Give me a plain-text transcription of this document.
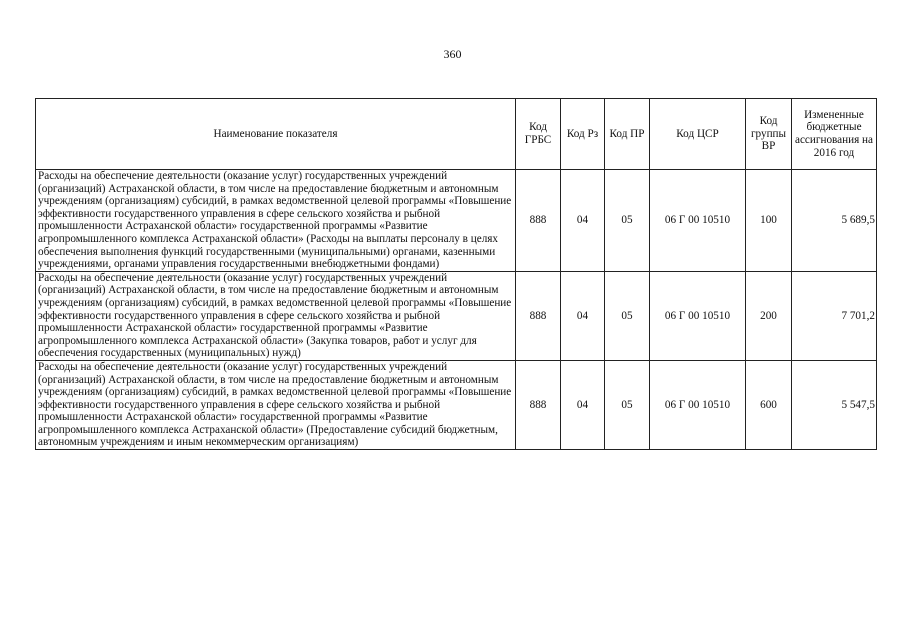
360
Наименование показателя	Код ГРБС	Код Рз	Код ПР	Код ЦСР	Код группы ВР	Измененные бюджетные ассигнования на 2016 год
Расходы на обеспечение деятельности (оказание услуг) государственных учреждений (организаций) Астраханской области, в том числе на предоставление бюджетным и автономным учреждениям (организациям) субсидий, в рамках ведомственной целевой программы «Повышение эффективности государственного управления в сфере сельского хозяйства и рыбной промышленности Астраханской области» государственной программы «Развитие агропромышленного комплекса Астраханской области» (Расходы на выплаты персоналу в целях обеспечения выполнения функций государственными (муниципальными) органами, казенными учреждениями, органами управления государственными внебюджетными фондами)	888	04	05	06 Г 00 10510	100	5 689,5
Расходы на обеспечение деятельности (оказание услуг) государственных учреждений (организаций) Астраханской области, в том числе на предоставление бюджетным и автономным учреждениям (организациям) субсидий, в рамках ведомственной целевой программы «Повышение эффективности государственного управления в сфере сельского хозяйства и рыбной промышленности Астраханской области» государственной программы «Развитие агропромышленного комплекса Астраханской области» (Закупка товаров, работ и услуг для обеспечения государственных (муниципальных) нужд)	888	04	05	06 Г 00 10510	200	7 701,2
Расходы на обеспечение деятельности (оказание услуг) государственных учреждений (организаций) Астраханской области, в том числе на предоставление бюджетным и автономным учреждениям (организациям) субсидий, в рамках ведомственной целевой программы «Повышение эффективности государственного управления в сфере сельского хозяйства и рыбной промышленности Астраханской области» государственной программы «Развитие агропромышленного комплекса Астраханской области» (Предоставление субсидий бюджетным, автономным учреждениям и иным некоммерческим организациям)	888	04	05	06 Г 00 10510	600	5 547,5
